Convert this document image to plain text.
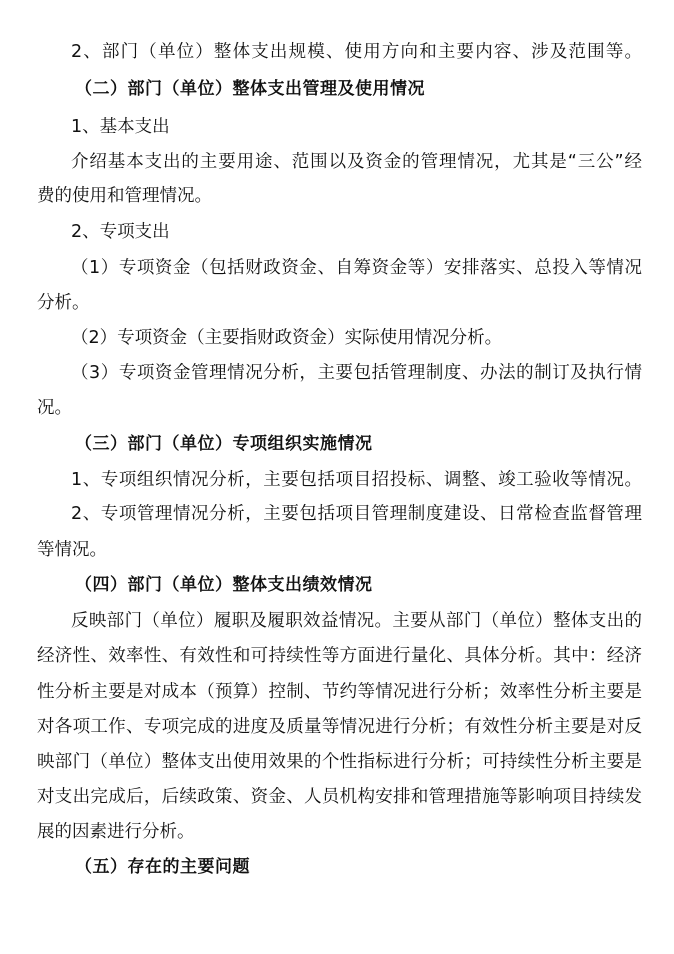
2、部门（单位）整体支出规模、使用方向和主要内容、涉及范围等。
（二）部门（单位）整体支出管理及使用情况
1、基本支出
介绍基本支出的主要用途、范围以及资金的管理情况，尤其是“三公”经
费的使用和管理情况。
2、专项支出
（1）专项资金（包括财政资金、自筹资金等）安排落实、总投入等情况
分析。
（2）专项资金（主要指财政资金）实际使用情况分析。
（3）专项资金管理情况分析，主要包括管理制度、办法的制订及执行情
况。
（三）部门（单位）专项组织实施情况
1、专项组织情况分析，主要包括项目招投标、调整、竣工验收等情况。
2、专项管理情况分析，主要包括项目管理制度建设、日常检查监督管理
等情况。
（四）部门（单位）整体支出绩效情况
反映部门（单位）履职及履职效益情况。主要从部门（单位）整体支出的
经济性、效率性、有效性和可持续性等方面进行量化、具体分析。其中：经济
性分析主要是对成本（预算）控制、节约等情况进行分析；效率性分析主要是
对各项工作、专项完成的进度及质量等情况进行分析；有效性分析主要是对反
映部门（单位）整体支出使用效果的个性指标进行分析；可持续性分析主要是
对支出完成后，后续政策、资金、人员机构安排和管理措施等影响项目持续发
展的因素进行分析。
（五）存在的主要问题
